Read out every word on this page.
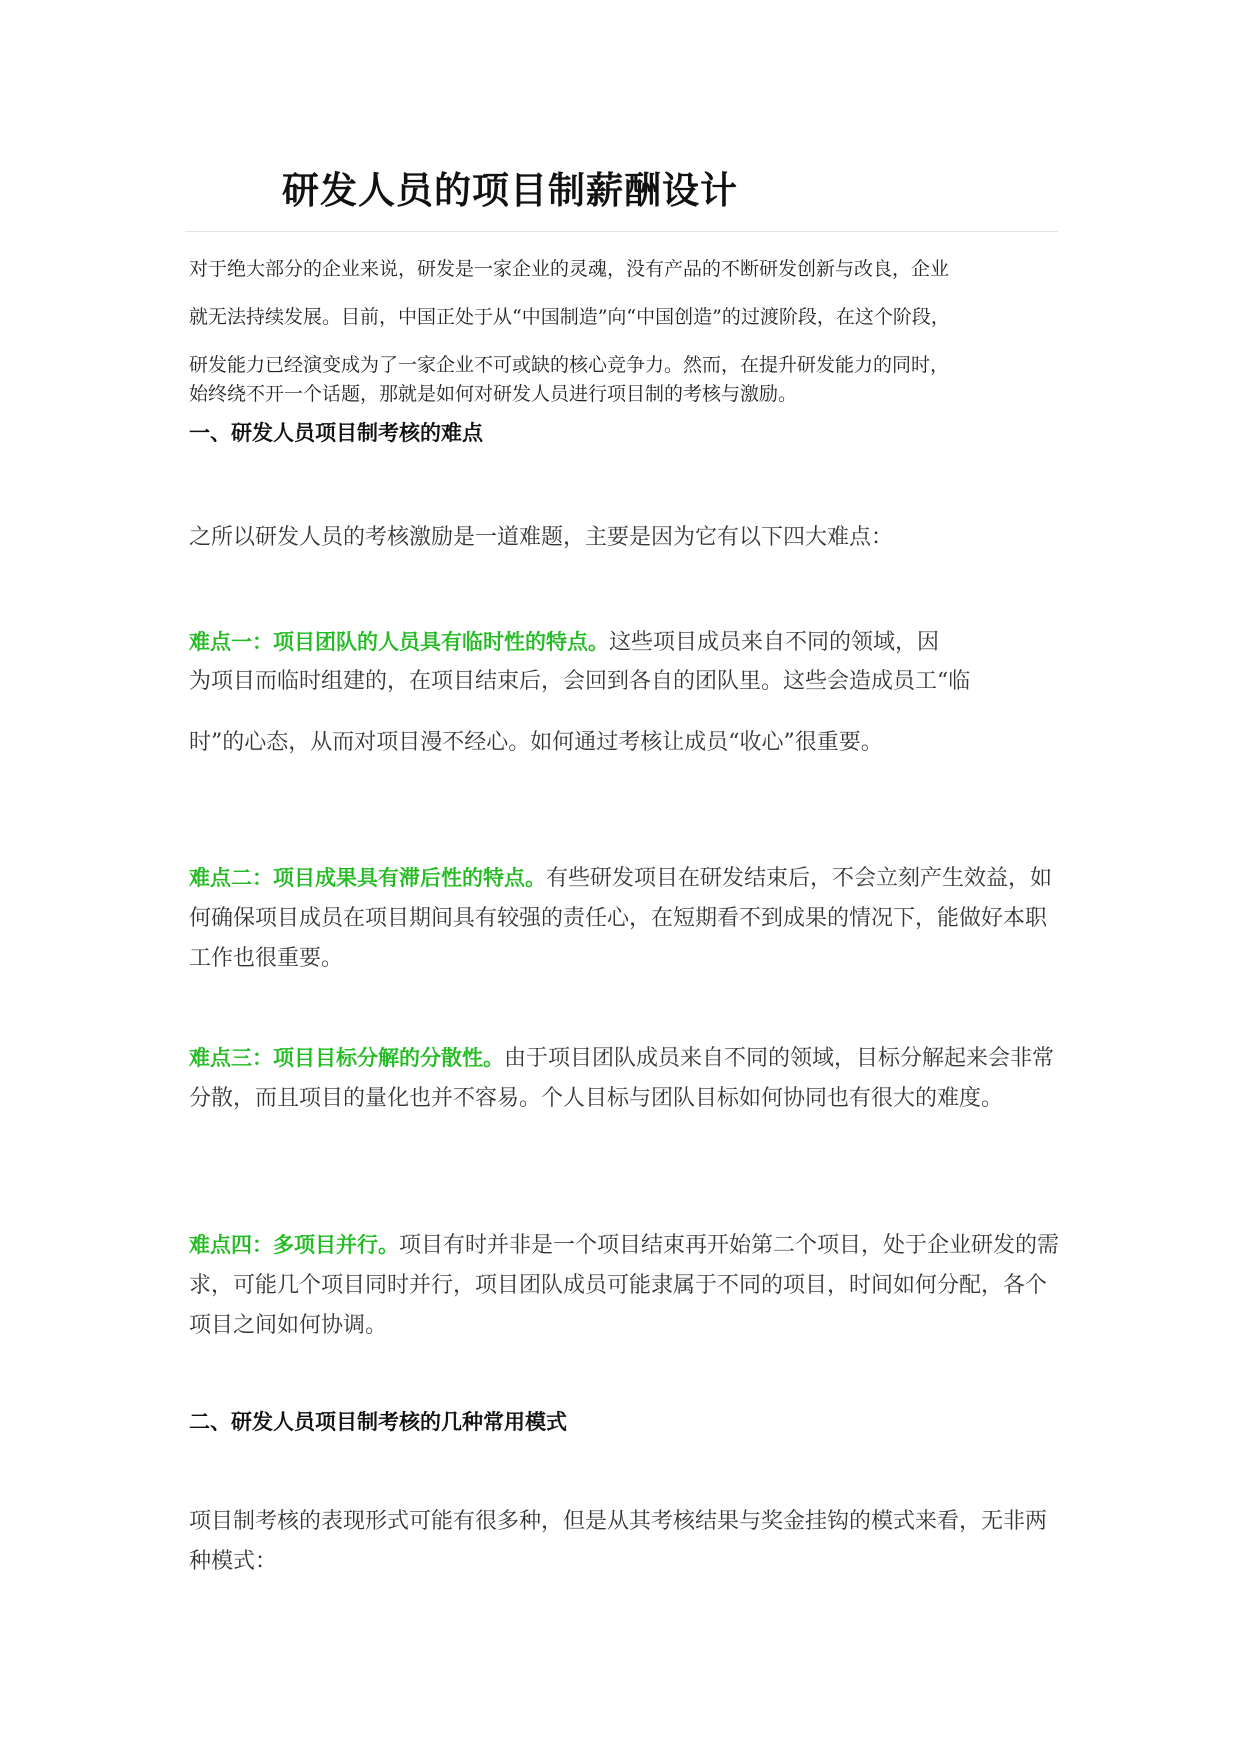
研发人员的项目制薪酬设计
对于绝大部分的企业来说，研发是一家企业的灵魂，没有产品的不断研发创新与改良，企业
就无法持续发展。目前，中国正处于从“中国制造”向“中国创造”的过渡阶段，在这个阶段，
研发能力已经演变成为了一家企业不可或缺的核心竞争力。然而，在提升研发能力的同时，
始终绕不开一个话题，那就是如何对研发人员进行项目制的考核与激励。
一、研发人员项目制考核的难点
之所以研发人员的考核激励是一道难题，主要是因为它有以下四大难点：
难点一：项目团队的人员具有临时性的特点。这些项目成员来自不同的领域，因
为项目而临时组建的，在项目结束后，会回到各自的团队里。这些会造成员工“临
时”的心态，从而对项目漫不经心。如何通过考核让成员“收心”很重要。
难点二：项目成果具有滞后性的特点。有些研发项目在研发结束后，不会立刻产生效益，如何确保项目成员在项目期间具有较强的责任心，在短期看不到成果的情况下，能做好本职工作也很重要。
难点三：项目目标分解的分散性。由于项目团队成员来自不同的领域，目标分解起来会非常分散，而且项目的量化也并不容易。个人目标与团队目标如何协同也有很大的难度。
难点四：多项目并行。项目有时并非是一个项目结束再开始第二个项目，处于企业研发的需求，可能几个项目同时并行，项目团队成员可能隶属于不同的项目，时间如何分配，各个项目之间如何协调。
二、研发人员项目制考核的几种常用模式
项目制考核的表现形式可能有很多种，但是从其考核结果与奖金挂钩的模式来看，无非两种模式：
